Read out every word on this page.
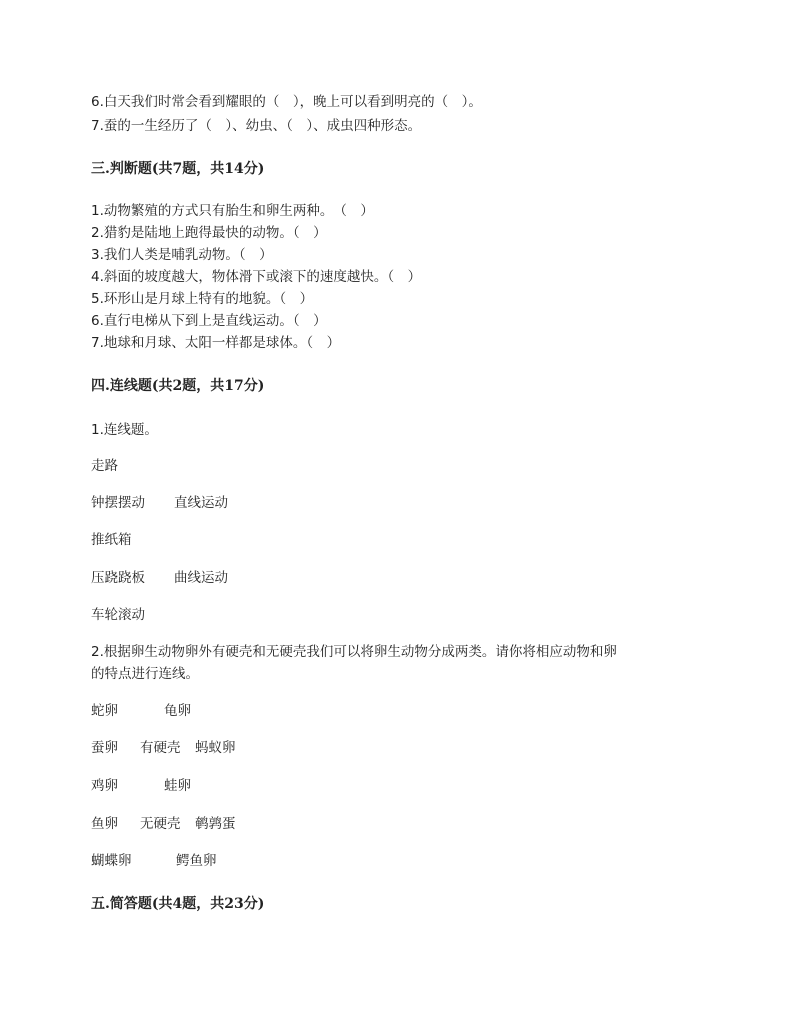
6.白天我们时常会看到耀眼的（　），晚上可以看到明亮的（　）。
7.蚕的一生经历了（　）、幼虫、（　）、成虫四种形态。
三.判断题(共7题，共14分)
1.动物繁殖的方式只有胎生和卵生两种。　（　）
2.猎豹是陆地上跑得最快的动物。（　）
3.我们人类是哺乳动物。（　）
4.斜面的坡度越大，物体滑下或滚下的速度越快。（　）
5.环形山是月球上特有的地貌。（　）
6.直行电梯从下到上是直线运动。（　）
7.地球和月球、太阳一样都是球体。（　）
四.连线题(共2题，共17分)
1.连线题。
走路
钟摆摆动 直线运动
推纸箱
压跷跷板 曲线运动
车轮滚动
2.根据卵生动物卵外有硬壳和无硬壳我们可以将卵生动物分成两类。请你将相应动物和卵
的特点进行连线。
蛇卵	龟卵
蚕卵 有硬壳 蚂蚁卵
鸡卵	蛙卵
鱼卵 无硬壳 鹌鹑蛋
蝴蝶卵	鳄鱼卵
五.简答题(共4题，共23分)
